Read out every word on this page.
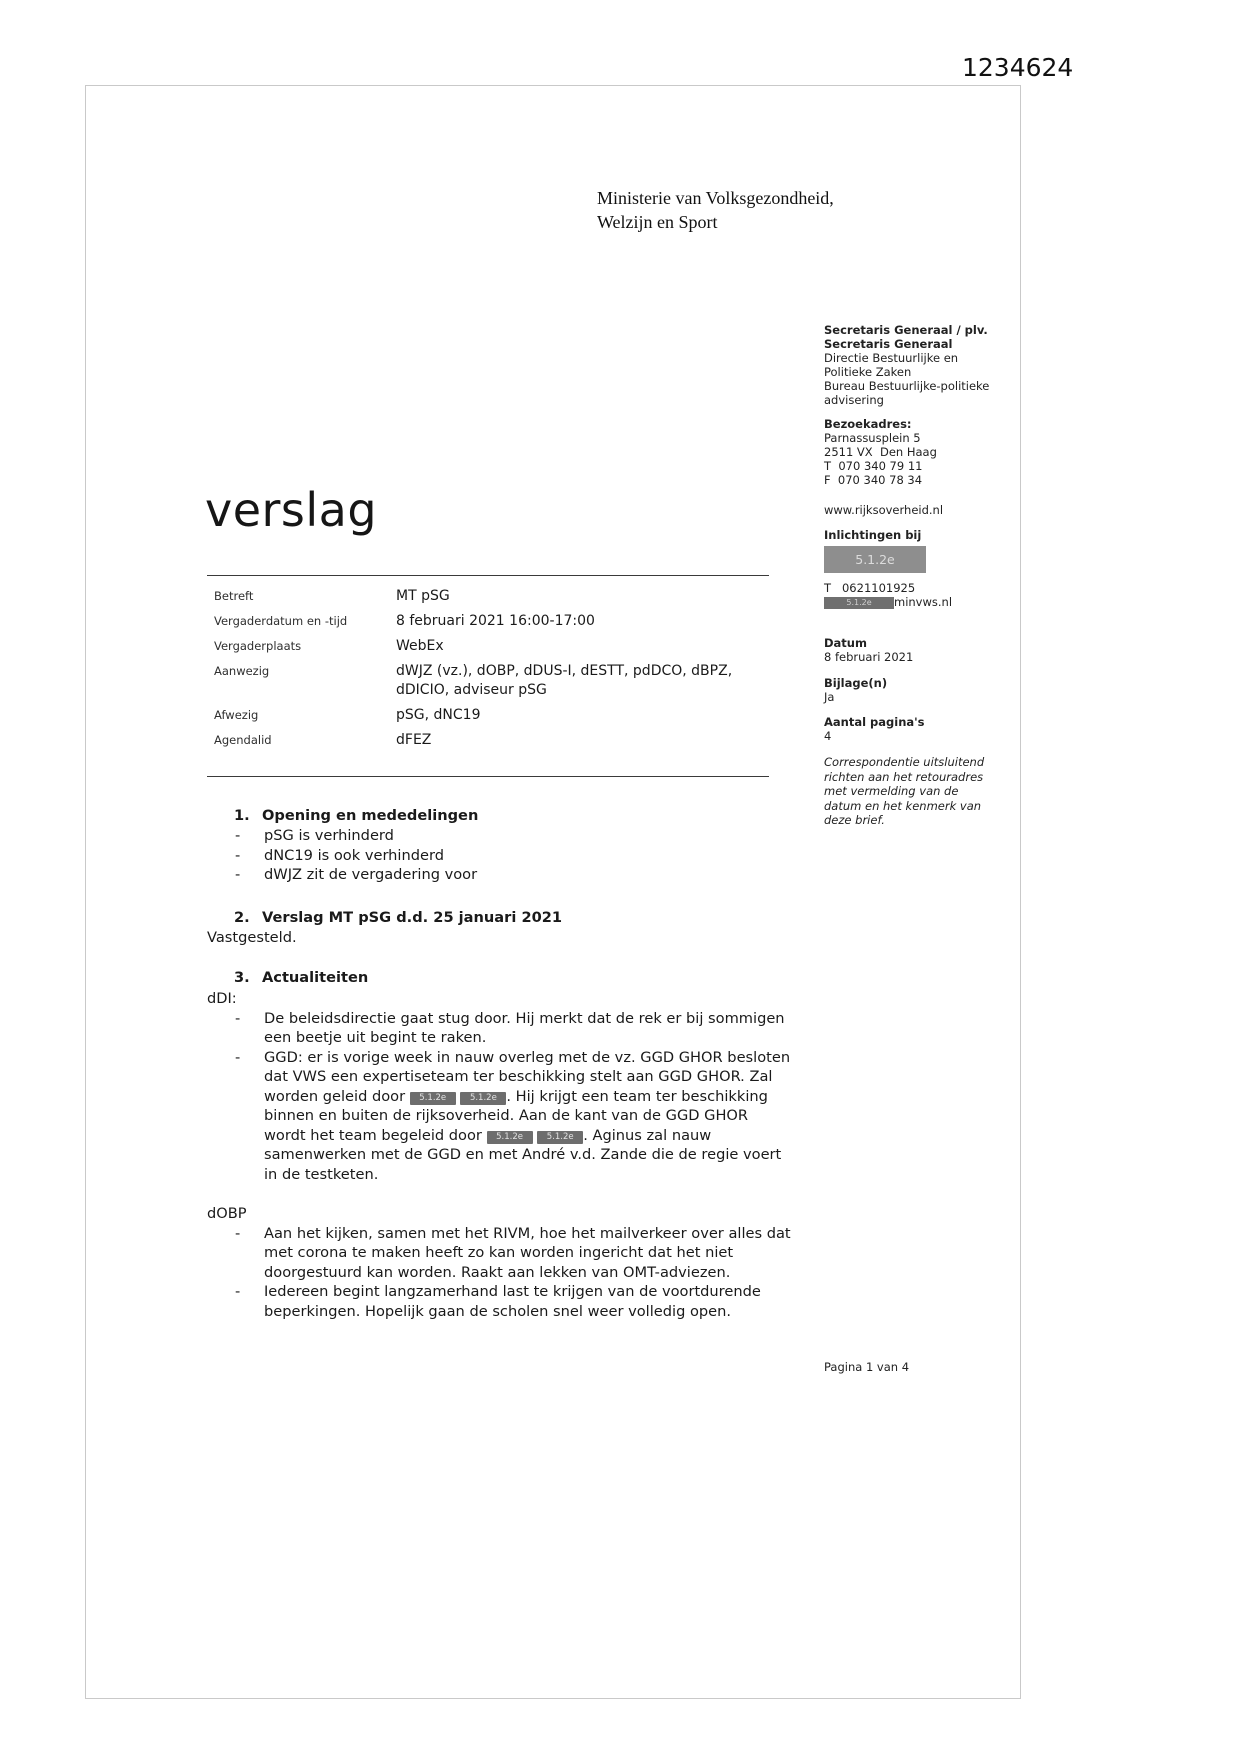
1234624
Ministerie van Volksgezondheid,
Welzijn en Sport
Secretaris Generaal / plv. Secretaris Generaal
Directie Bestuurlijke en Politieke Zaken
Bureau Bestuurlijke-politieke advisering
Bezoekadres:
Parnassusplein 5
2511 VX  Den Haag
T  070 340 79 11
F  070 340 78 34
www.rijksoverheid.nl
Inlichtingen bij
5.1.2e
T   0621101925
5.1.2e minvws.nl
Datum
8 februari 2021
Bijlage(n)
Ja
Aantal pagina's
4
Correspondentie uitsluitend richten aan het retouradres met vermelding van de datum en het kenmerk van deze brief.
verslag
Betreft	MT pSG
Vergaderdatum en -tijd	8 februari 2021 16:00-17:00
Vergaderplaats	WebEx
Aanwezig	dWJZ (vz.), dOBP, dDUS-I, dESTT, pdDCO, dBPZ, dDICIO, adviseur pSG
Afwezig	pSG, dNC19
Agendalid	dFEZ
1. Opening en mededelingen
- pSG is verhinderd
- dNC19 is ook verhinderd
- dWJZ zit de vergadering voor
2. Verslag MT pSG d.d. 25 januari 2021
Vastgesteld.
3. Actualiteiten
dDI:
- De beleidsdirectie gaat stug door. Hij merkt dat de rek er bij sommigen een beetje uit begint te raken.
- GGD: er is vorige week in nauw overleg met de vz. GGD GHOR besloten dat VWS een expertiseteam ter beschikking stelt aan GGD GHOR. Zal worden geleid door 5.1.2e	5.1.2e . Hij krijgt een team ter beschikking binnen en buiten de rijksoverheid. Aan de kant van de GGD GHOR wordt het team begeleid door 5.1.2e	5.1.2e . Aginus zal nauw samenwerken met de GGD en met André v.d. Zande die de regie voert in de testketen.
dOBP
- Aan het kijken, samen met het RIVM, hoe het mailverkeer over alles dat met corona te maken heeft zo kan worden ingericht dat het niet doorgestuurd kan worden. Raakt aan lekken van OMT-adviezen.
- Iedereen begint langzamerhand last te krijgen van de voortdurende beperkingen. Hopelijk gaan de scholen snel weer volledig open.
Pagina 1 van 4
